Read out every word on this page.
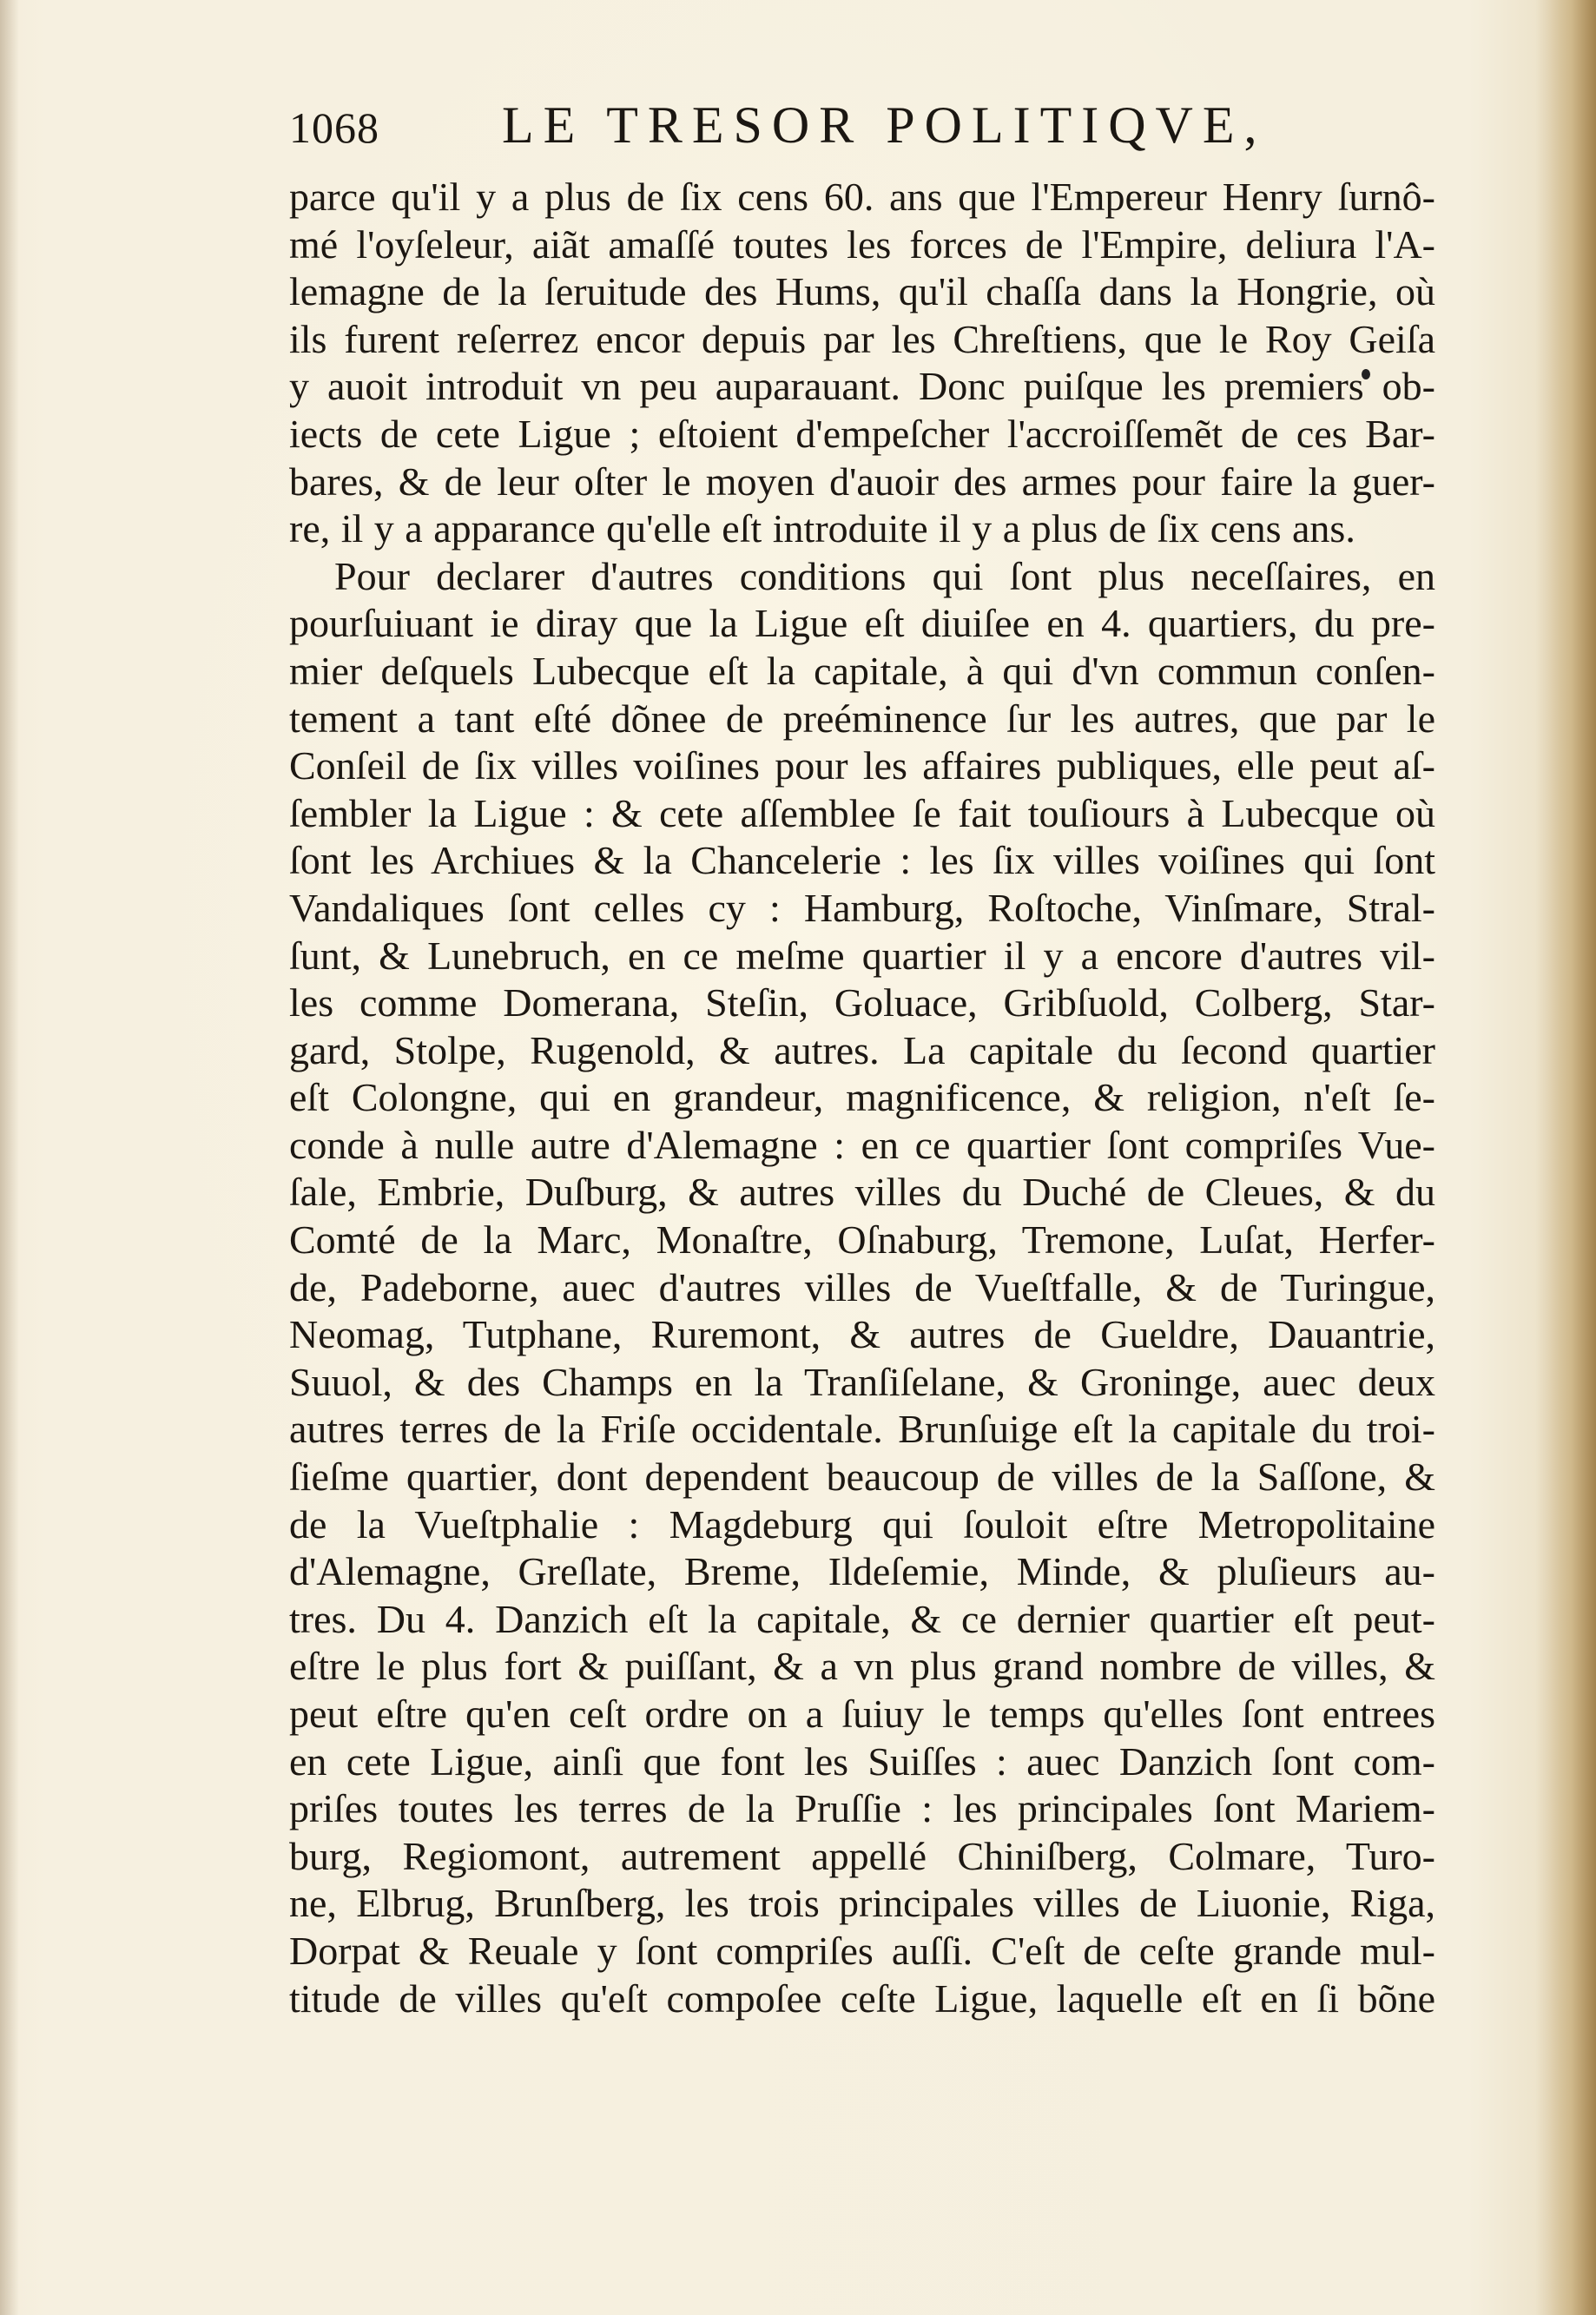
1068 LE TRESOR POLITIQVE,
parce qu'il y a plus de ſix cens 60. ans que l'Empereur Henry ſurnô-
mé l'oyſeleur, aiãt amaſſé toutes les forces de l'Empire, deliura l'A-
lemagne de la ſeruitude des Hums, qu'il chaſſa dans la Hongrie, où
ils furent reſerrez encor depuis par les Chreſtiens, que le Roy Geiſa
y auoit introduit vn peu auparauant. Donc puiſque les premiers ob-
iects de cete Ligue ; eſtoient d'empeſcher l'accroiſſemẽt de ces Bar-
bares, & de leur oſter le moyen d'auoir des armes pour faire la guer-
re, il y a apparance qu'elle eſt introduite il y a plus de ſix cens ans.
Pour declarer d'autres conditions qui ſont plus neceſſaires, en
pourſuiuant ie diray que la Ligue eſt diuiſee en 4. quartiers, du pre-
mier deſquels Lubecque eſt la capitale, à qui d'vn commun conſen-
tement a tant eſté dõnee de preéminence ſur les autres, que par le
Conſeil de ſix villes voiſines pour les affaires publiques, elle peut aſ-
ſembler la Ligue : & cete aſſemblee ſe fait touſiours à Lubecque où
ſont les Archiues & la Chancelerie : les ſix villes voiſines qui ſont
Vandaliques ſont celles cy : Hamburg, Roſtoche, Vinſmare, Stral-
ſunt, & Lunebruch, en ce meſme quartier il y a encore d'autres vil-
les comme Domerana, Steſin, Goluace, Gribſuold, Colberg, Star-
gard, Stolpe, Rugenold, & autres. La capitale du ſecond quartier
eſt Colongne, qui en grandeur, magnificence, & religion, n'eſt ſe-
conde à nulle autre d'Alemagne : en ce quartier ſont compriſes Vue-
ſale, Embrie, Duſburg, & autres villes du Duché de Cleues, & du
Comté de la Marc, Monaſtre, Oſnaburg, Tremone, Luſat, Herfer-
de, Padeborne, auec d'autres villes de Vueſtfalle, & de Turingue,
Neomag, Tutphane, Ruremont, & autres de Gueldre, Dauantrie,
Suuol, & des Champs en la Tranſiſelane, & Groninge, auec deux
autres terres de la Friſe occidentale. Brunſuige eſt la capitale du troi-
ſieſme quartier, dont dependent beaucoup de villes de la Saſſone, &
de la Vueſtphalie : Magdeburg qui ſouloit eſtre Metropolitaine
d'Alemagne, Greſlate, Breme, Ildeſemie, Minde, & pluſieurs au-
tres. Du 4. Danzich eſt la capitale, & ce dernier quartier eſt peut-
eſtre le plus fort & puiſſant, & a vn plus grand nombre de villes, &
peut eſtre qu'en ceſt ordre on a ſuiuy le temps qu'elles ſont entrees
en cete Ligue, ainſi que font les Suiſſes : auec Danzich ſont com-
priſes toutes les terres de la Pruſſie : les principales ſont Mariem-
burg, Regiomont, autrement appellé Chiniſberg, Colmare, Turo-
ne, Elbrug, Brunſberg, les trois principales villes de Liuonie, Riga,
Dorpat & Reuale y ſont compriſes auſſi. C'eſt de ceſte grande mul-
titude de villes qu'eſt compoſee ceſte Ligue, laquelle eſt en ſi bõne
